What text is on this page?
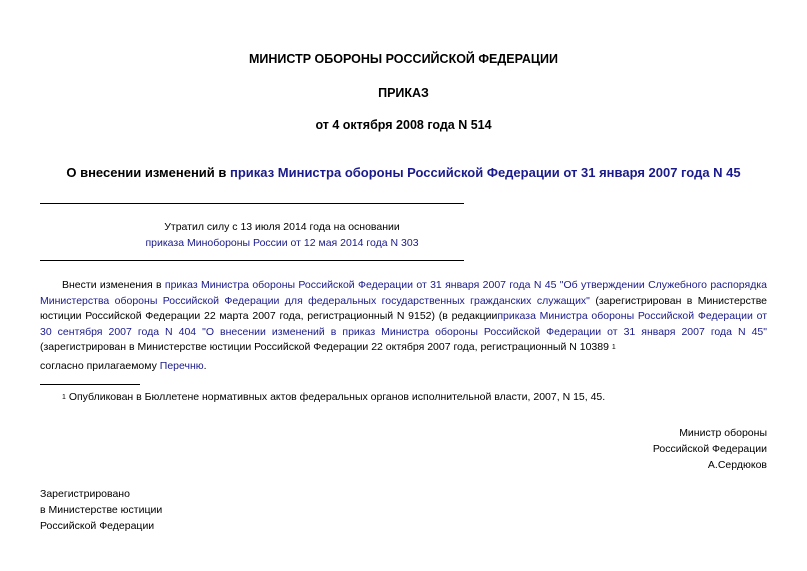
МИНИСТР ОБОРОНЫ РОССИЙСКОЙ ФЕДЕРАЦИИ
ПРИКАЗ
от 4 октября 2008 года N 514
О внесении изменений в приказ Министра обороны Российской Федерации от 31 января 2007 года N 45
Утратил силу с 13 июля 2014 года на основании
приказа Минобороны России от 12 мая 2014 года N 303
Внести изменения в приказ Министра обороны Российской Федерации от 31 января 2007 года N 45 "Об утверждении Служебного распорядка Министерства обороны Российской Федерации для федеральных государственных гражданских служащих" (зарегистрирован в Министерстве юстиции Российской Федерации 22 марта 2007 года, регистрационный N 9152) (в редакцииприказа Министра обороны Российской Федерации от 30 сентября 2007 года N 404 "О внесении изменений в приказ Министра обороны Российской Федерации от 31 января 2007 года N 45" (зарегистрирован в Министерстве юстиции Российской Федерации 22 октября 2007 года, регистрационный N 10389 $^1$
согласно прилагаемому Перечню.
$^1$ Опубликован в Бюллетене нормативных актов федеральных органов исполнительной власти, 2007, N 15, 45.
Министр обороны
Российской Федерации
А.Сердюков
Зарегистрировано
в Министерстве юстиции
Российской Федерации
